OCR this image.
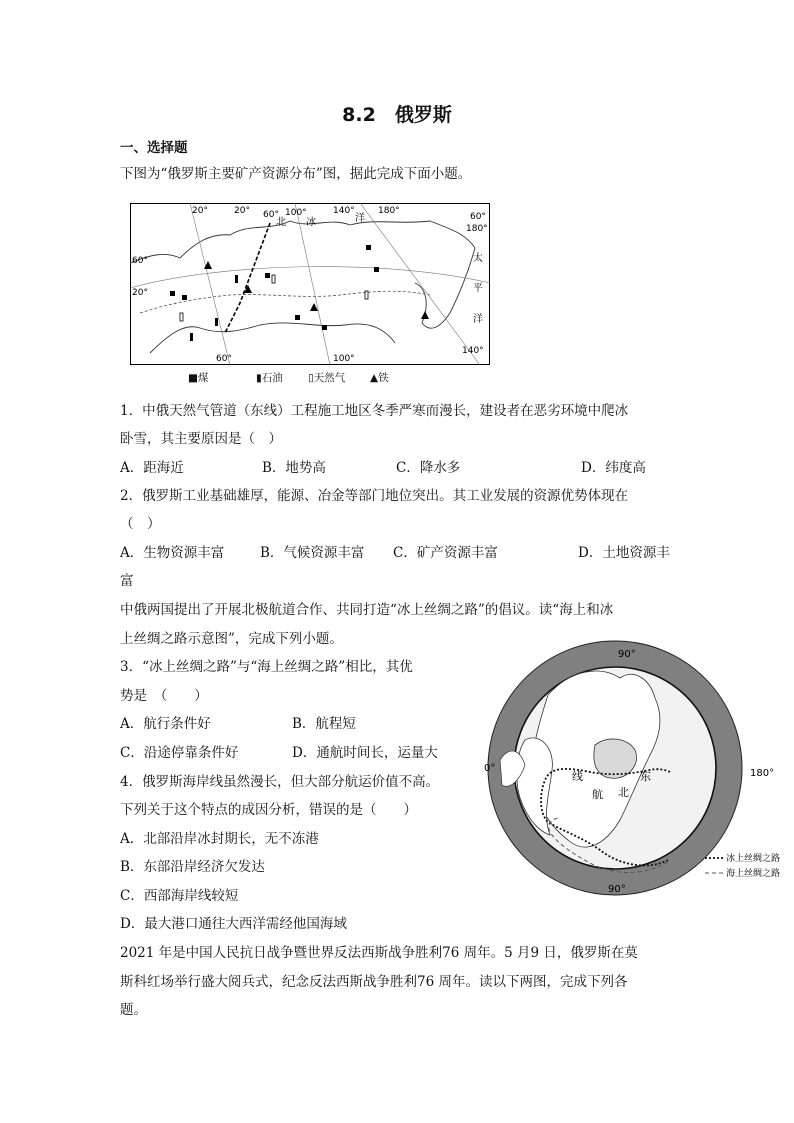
8.2　俄罗斯
一、选择题
下图为“俄罗斯主要矿产资源分布”图，据此完成下面小题。
20°	20° 60° 100°	140°	180°
北 冰	洋	60°
180°
太
平
洋
60°
20°
60°	100°
140°
■煤	▮石油 ▯天然气 ▲铁
1．中俄天然气管道（东线）工程施工地区冬季严寒而漫长，建设者在恶劣环境中爬冰
卧雪，其主要原因是（　）
A．距海近	B．地势高	C．降水多	D．纬度高
2．俄罗斯工业基础雄厚，能源、冶金等部门地位突出。其工业发展的资源优势体现在
（　）
A．生物资源丰富	B．气候资源丰富 C．矿产资源丰富	D．土地资源丰
富
中俄两国提出了开展北极航道合作、共同打造“冰上丝绸之路”的倡议。读“海上和冰
上丝绸之路示意图”，完成下列小题。
3．“冰上丝绸之路”与“海上丝绸之路”相比，其优
势是　（　　）
A．航行条件好	B．航程短
C．沿途停靠条件好	D．通航时间长，运量大
4．俄罗斯海岸线虽然漫长，但大部分航运价值不高。
下列关于这个特点的成因分析，错误的是（　　）
A．北部沿岸冰封期长，无不冻港
B．东部沿岸经济欠发达
C．西部海岸线较短
D．最大港口通往大西洋需经他国海域
90°
0°	180°
90°
线
航 北
东
冰上丝绸之路
海上丝绸之路
2021 年是中国人民抗日战争暨世界反法西斯战争胜利76 周年。5 月9 日，俄罗斯在莫
斯科红场举行盛大阅兵式，纪念反法西斯战争胜利76 周年。读以下两图，完成下列各
题。
